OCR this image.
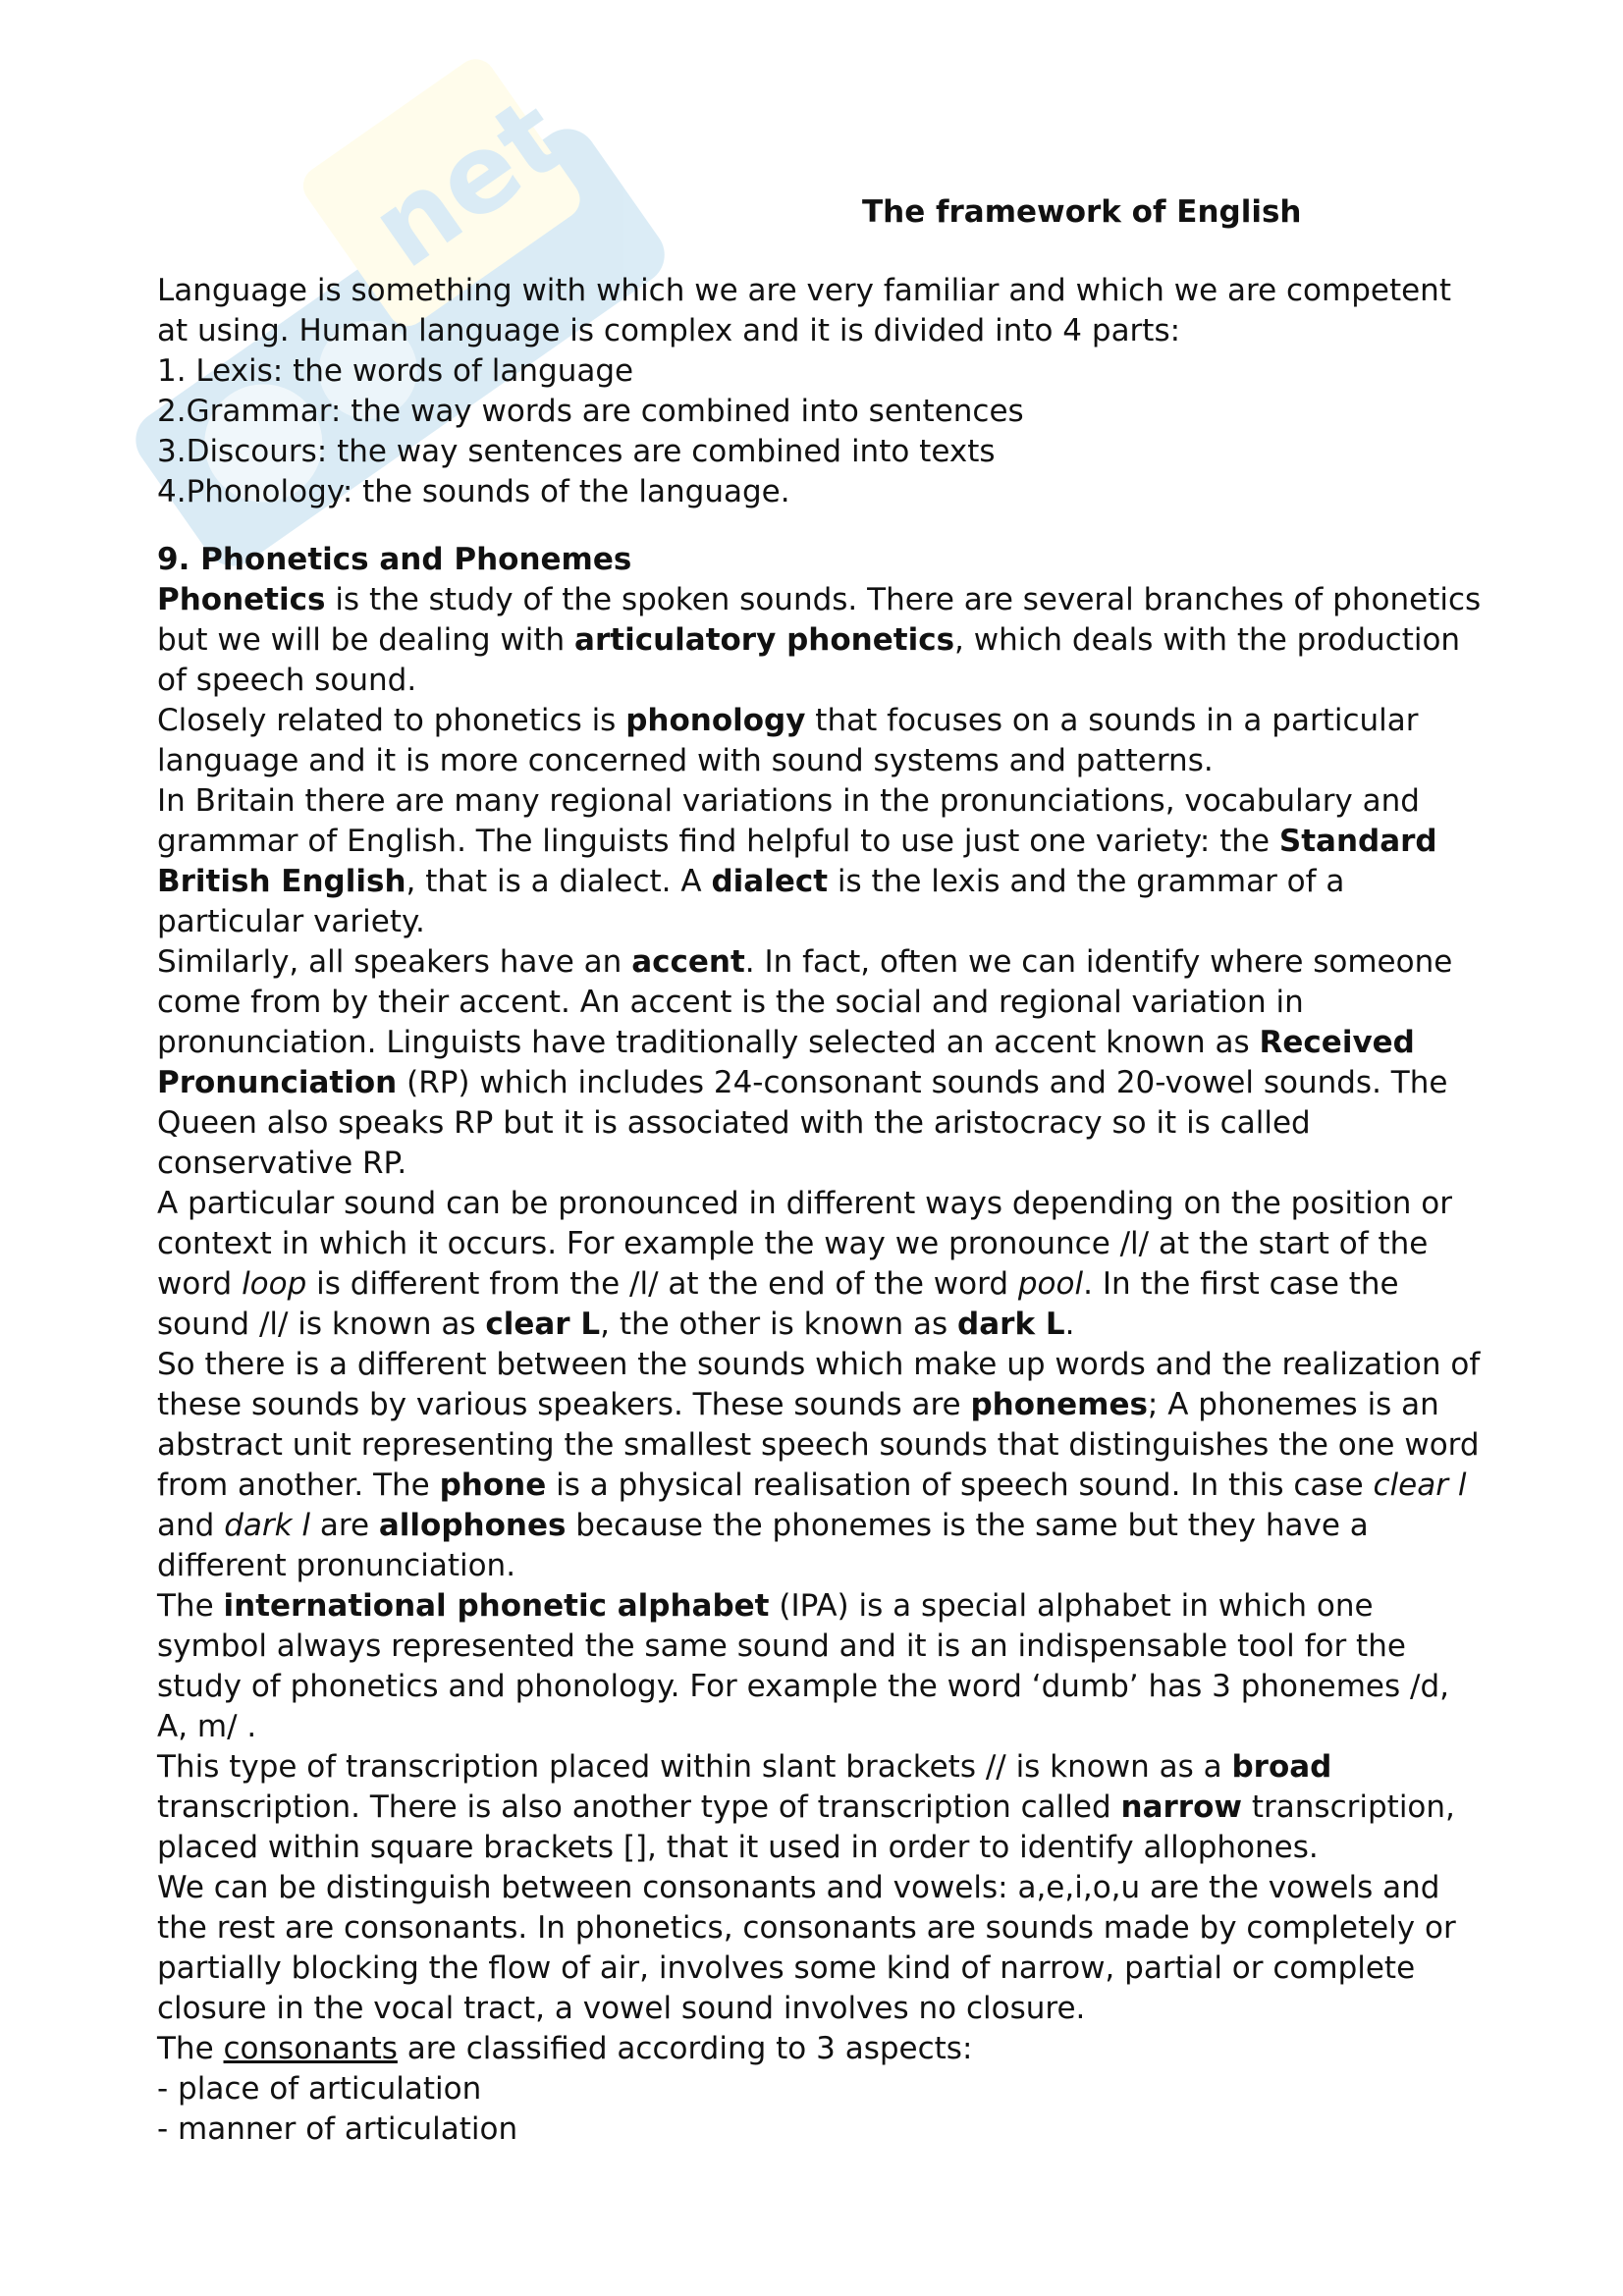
net	The framework of English

Language is something with which we are very familiar and which we are competent at using. Human language is complex and it is divided into 4 parts:

1. Lexis: the words of language

2.Grammar: the way words are combined into sentences

3.Discours: the way sentences are combined into texts

4.Phonology: the sounds of the language.

9. Phonetics and Phonemes

Phonetics is the study of the spoken sounds. There are several branches of phonetics but we will be dealing with articulatory phonetics, which deals with the production of speech sound.

Closely related to phonetics is phonology that focuses on a sounds in a particular language and it is more concerned with sound systems and patterns.

In Britain there are many regional variations in the pronunciations, vocabulary and grammar of English. The linguists find helpful to use just one variety: the Standard British English, that is a dialect. A dialect is the lexis and the grammar of a particular variety.

Similarly, all speakers have an accent. In fact, often we can identify where someone come from by their accent. An accent is the social and regional variation in pronunciation. Linguists have traditionally selected an accent known as Received Pronunciation (RP) which includes 24-consonant sounds and 20-vowel sounds. The Queen also speaks RP but it is associated with the aristocracy so it is called conservative RP.

A particular sound can be pronounced in different ways depending on the position or context in which it occurs. For example the way we pronounce /l/ at the start of the word loop is different from the /l/ at the end of the word pool. In the first case the sound /l/ is known as clear L, the other is known as dark L.

So there is a different between the sounds which make up words and the realization of these sounds by various speakers. These sounds are phonemes; A phonemes is an abstract unit representing the smallest speech sounds that distinguishes the one word from another. The phone is a physical realisation of speech sound. In this case clear l and dark l are allophones because the phonemes is the same but they have a different pronunciation.

The international phonetic alphabet (IPA) is a special alphabet in which one symbol always represented the same sound and it is an indispensable tool for the study of phonetics and phonology. For example the word ‘dumb’ has 3 phonemes /d, A, m/ .

This type of transcription placed within slant brackets // is known as a broad transcription. There is also another type of transcription called narrow transcription, placed within square brackets [], that it used in order to identify allophones.

We can be distinguish between consonants and vowels: a,e,i,o,u are the vowels and the rest are consonants. In phonetics, consonants are sounds made by completely or partially blocking the flow of air, involves some kind of narrow, partial or complete closure in the vocal tract, a vowel sound involves no closure.

The consonants are classified according to 3 aspects:

- place of articulation

- manner of articulation
